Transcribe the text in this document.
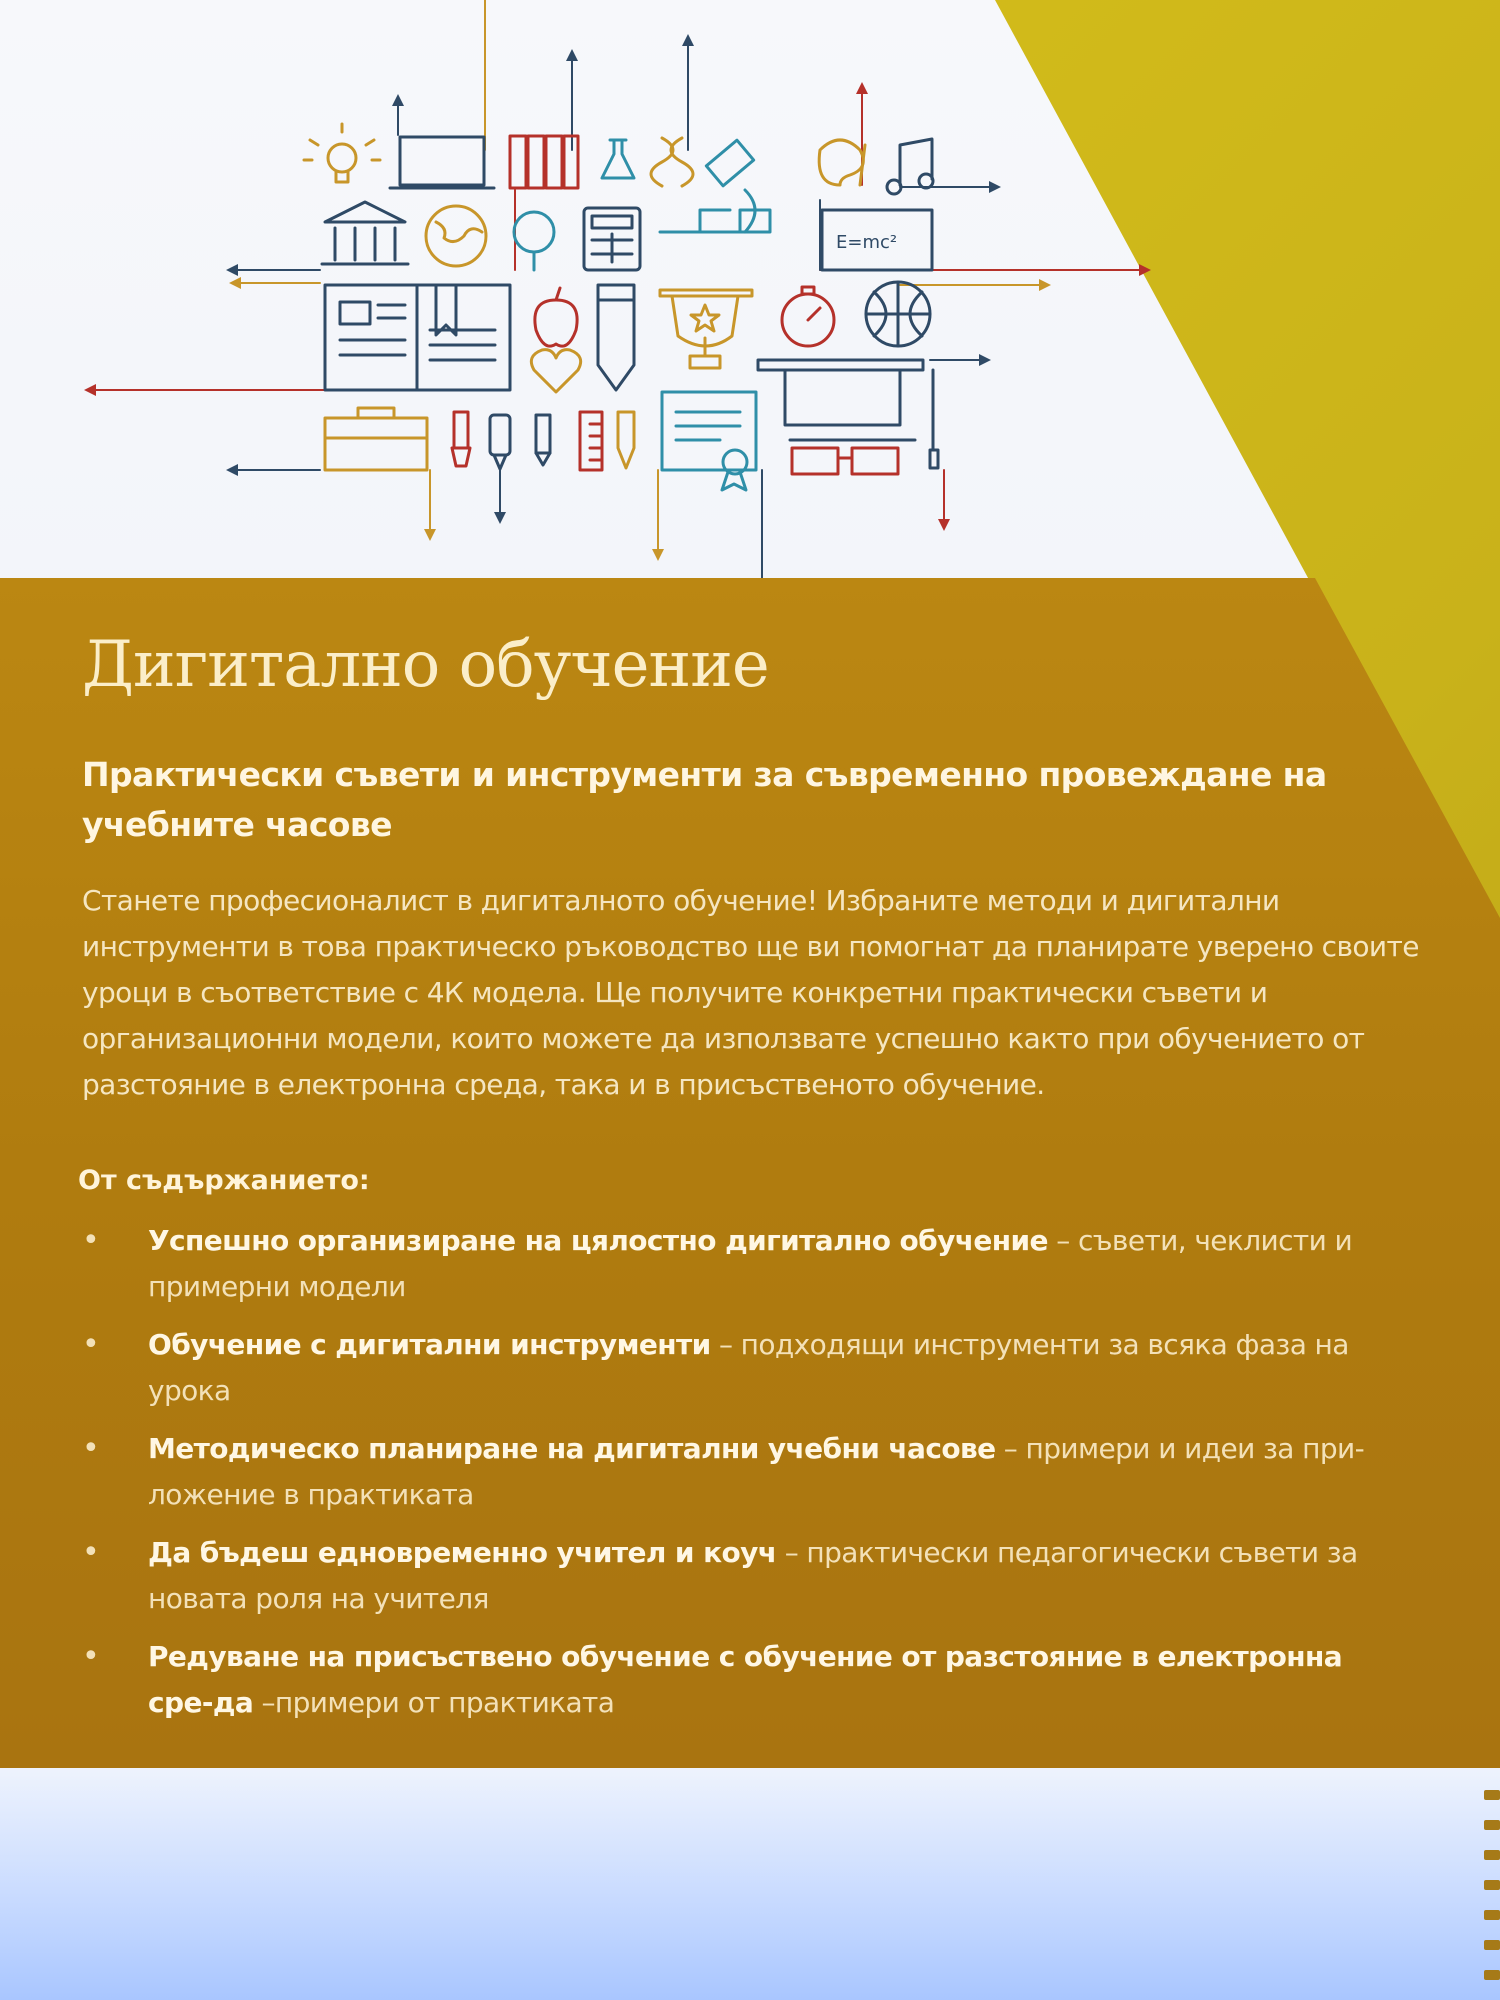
E=mc²
Дигитално обучение
Практически съвети и инструменти за съвременно провеждане на учебните часове

Станете професионалист в дигиталното обучение! Избраните методи и дигитални инструменти в това практическо ръководство ще ви помогнат да планирате уверено своите уроци в съответствие с 4К модела. Ще получите конкретни практически съвети и организационни модели, които можете да използвате успешно както при обучението от разстояние в електронна среда, така и в присъственото обучение.

От съдържанието:
• Успешно организиране на цялостно дигитално обучение – съвети, чеклисти и примерни модели
• Обучение с дигитални инструменти – подходящи инструменти за всяка фаза на урока
• Методическо планиране на дигитални учебни часове – примери и идеи за при-ложение в практиката
• Да бъдеш едновременно учител и коуч – практически педагогически съвети за новата роля на учителя
• Редуване на присъствено обучение с обучение от разстояние в електронна сре-да –примери от практиката
